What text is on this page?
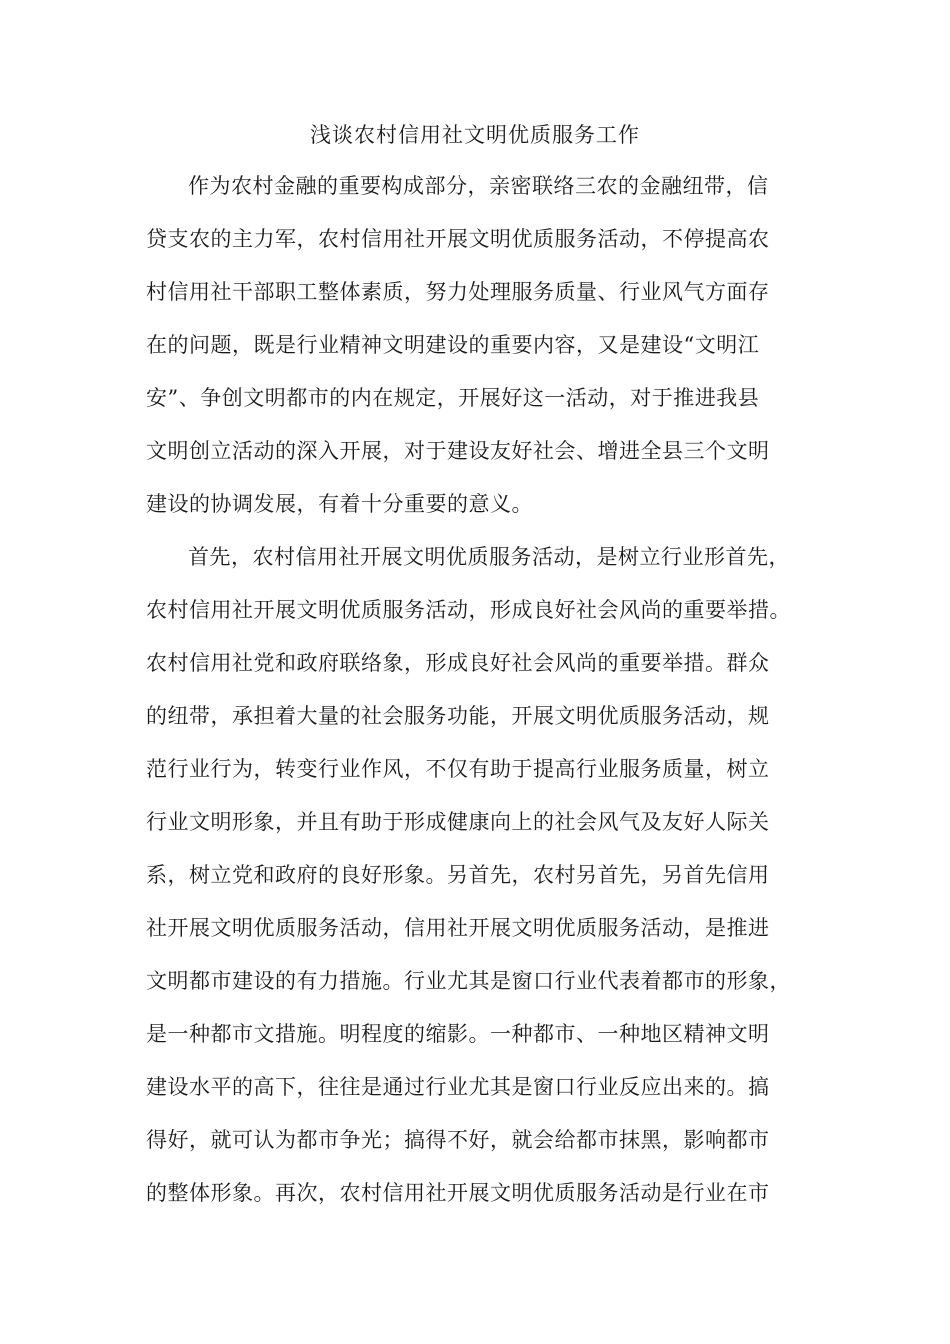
浅谈农村信用社文明优质服务工作
作为农村金融的重要构成部分，亲密联络三农的金融纽带，信
贷支农的主力军，农村信用社开展文明优质服务活动，不停提高农
村信用社干部职工整体素质，努力处理服务质量、行业风气方面存
在的问题，既是行业精神文明建设的重要内容，又是建设“文明江
安”、争创文明都市的内在规定，开展好这一活动，对于推进我县
文明创立活动的深入开展，对于建设友好社会、增进全县三个文明
建设的协调发展，有着十分重要的意义。
首先，农村信用社开展文明优质服务活动，是树立行业形首先，
农村信用社开展文明优质服务活动，形成良好社会风尚的重要举措。
农村信用社党和政府联络象，形成良好社会风尚的重要举措。群众
的纽带，承担着大量的社会服务功能，开展文明优质服务活动，规
范行业行为，转变行业作风，不仅有助于提高行业服务质量，树立
行业文明形象，并且有助于形成健康向上的社会风气及友好人际关
系，树立党和政府的良好形象。另首先，农村另首先，另首先信用
社开展文明优质服务活动，信用社开展文明优质服务活动，是推进
文明都市建设的有力措施。行业尤其是窗口行业代表着都市的形象，
是一种都市文措施。明程度的缩影。一种都市、一种地区精神文明
建设水平的高下，往往是通过行业尤其是窗口行业反应出来的。搞
得好，就可认为都市争光；搞得不好，就会给都市抹黑，影响都市
的整体形象。再次，农村信用社开展文明优质服务活动是行业在市
